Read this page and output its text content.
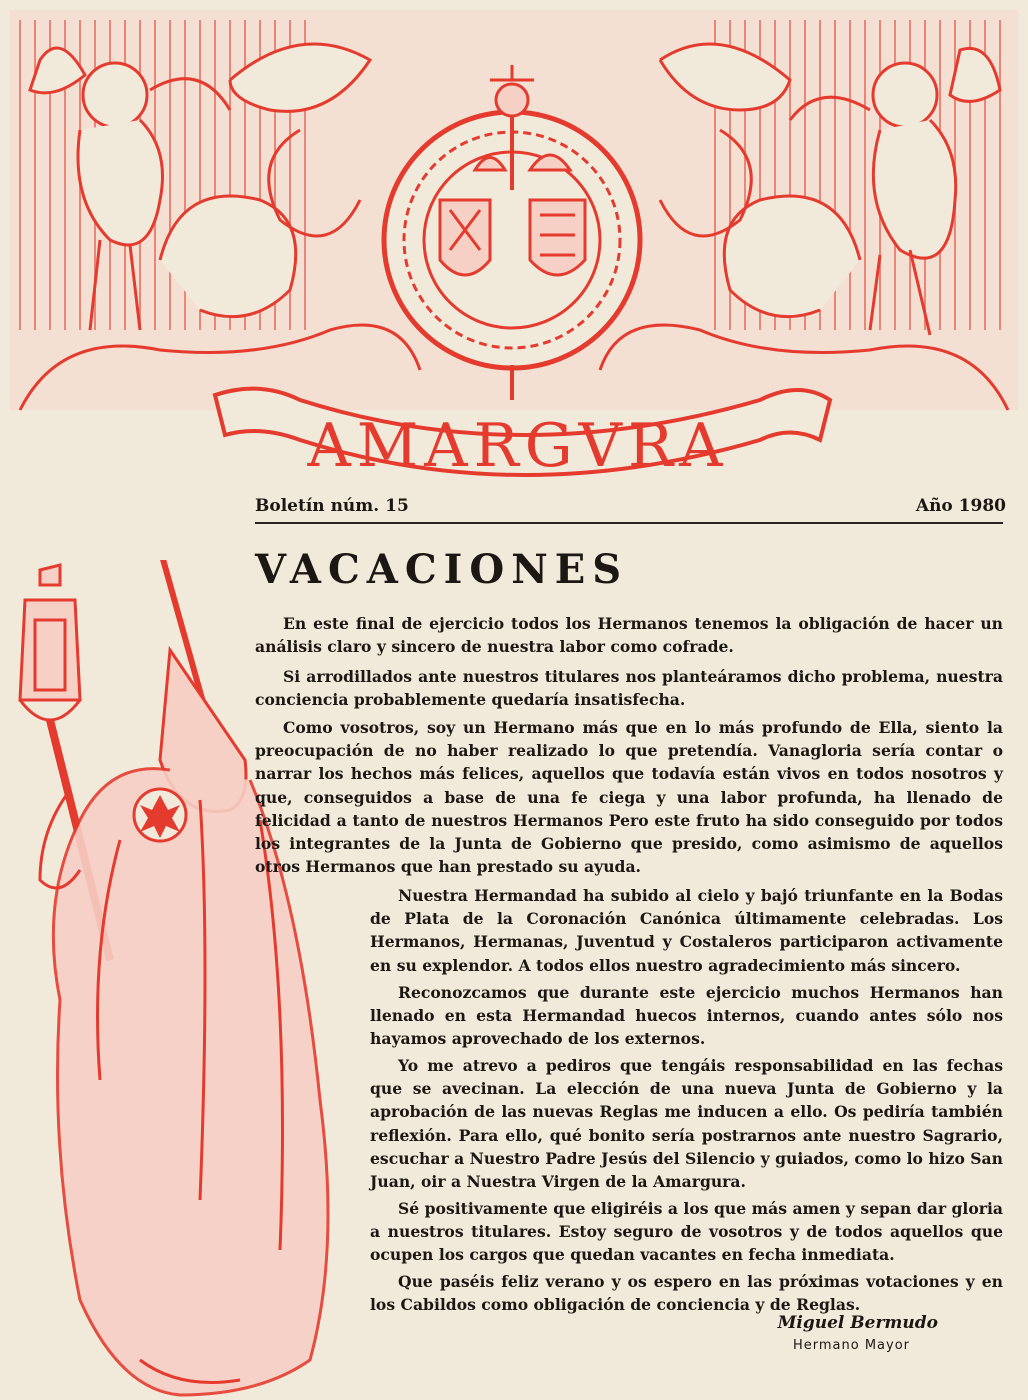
AMARGVRA
Boletín núm. 15	Año 1980
VACACIONES

En este final de ejercicio todos los Hermanos tenemos la obligación de hacer un análisis claro y sincero de nuestra labor como cofrade.

Si arrodillados ante nuestros titulares nos planteáramos dicho problema, nuestra conciencia probablemente quedaría insatisfecha.

Como vosotros, soy un Hermano más que en lo más profundo de Ella, siento la preocupación de no haber realizado lo que pretendía. Vanagloria sería contar o narrar los hechos más felices, aquellos que todavía están vivos en todos nosotros y que, conseguidos a base de una fe ciega y una labor profunda, ha llenado de felicidad a tanto de nuestros Hermanos Pero este fruto ha sido conseguido por todos los integrantes de la Junta de Gobierno que presido, como asimismo de aquellos otros Hermanos que han prestado su ayuda.

Nuestra Hermandad ha subido al cielo y bajó triunfante en la Bodas de Plata de la Coronación Canónica últimamente celebradas. Los Hermanos, Hermanas, Juventud y Costaleros participaron activamente en su explendor. A todos ellos nuestro agradecimiento más sincero.

Reconozcamos que durante este ejercicio muchos Hermanos han llenado en esta Hermandad huecos internos, cuando antes sólo nos hayamos aprovechado de los externos.

Yo me atrevo a pediros que tengáis responsabilidad en las fechas que se avecinan. La elección de una nueva Junta de Gobierno y la aprobación de las nuevas Reglas me inducen a ello. Os pediría también reflexión. Para ello, qué bonito sería postrarnos ante nuestro Sagrario, escuchar a Nuestro Padre Jesús del Silencio y guiados, como lo hizo San Juan, oir a Nuestra Virgen de la Amargura.

Sé positivamente que eligiréis a los que más amen y sepan dar gloria a nuestros titulares. Estoy seguro de vosotros y de todos aquellos que ocupen los cargos que quedan vacantes en fecha inmediata.

Que paséis feliz verano y os espero en las próximas votaciones y en los Cabildos como obligación de conciencia y de Reglas.

Miguel Bermudo
Hermano Mayor
